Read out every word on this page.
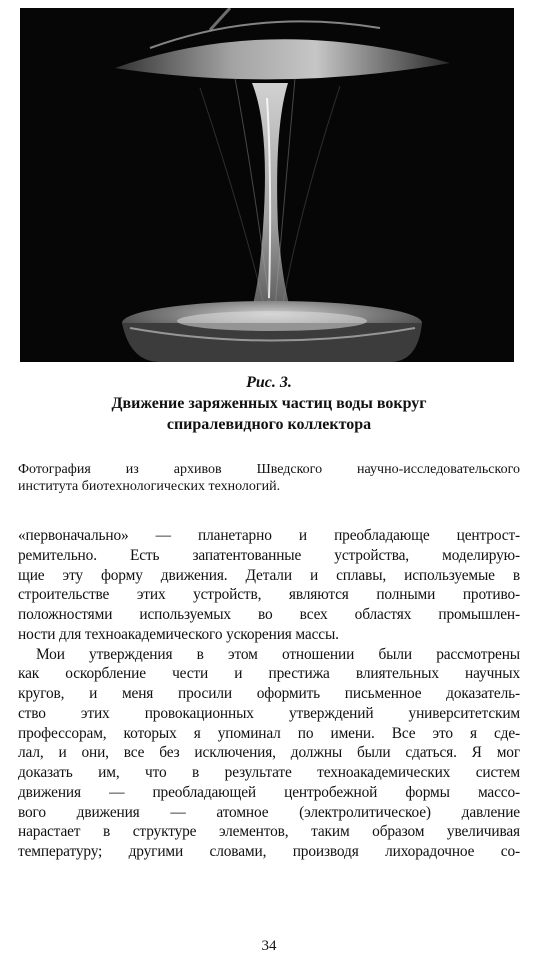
Рис. 3.
Движение заряженных частиц воды вокруг
спиралевидного коллектора
Фотография из архивов Шведского научно-исследовательского
института биотехнологических технологий.
«первоначально» — планетарно и преобладающе центрост-
ремительно. Есть запатентованные устройства, моделирую-
щие эту форму движения. Детали и сплавы, используемые в
строительстве этих устройств, являются полными противо-
положностями используемых во всех областях промышлен-
ности для техноакадемического ускорения массы.
Мои утверждения в этом отношении были рассмотрены
как оскорбление чести и престижа влиятельных научных
кругов, и меня просили оформить письменное доказатель-
ство этих провокационных утверждений университетским
профессорам, которых я упоминал по имени. Все это я сде-
лал, и они, все без исключения, должны были сдаться. Я мог
доказать им, что в результате техноакадемических систем
движения — преобладающей центробежной формы массо-
вого движения — атомное (электролитическое) давление
нарастает в структуре элементов, таким образом увеличивая
температуру; другими словами, производя лихорадочное со-
34
